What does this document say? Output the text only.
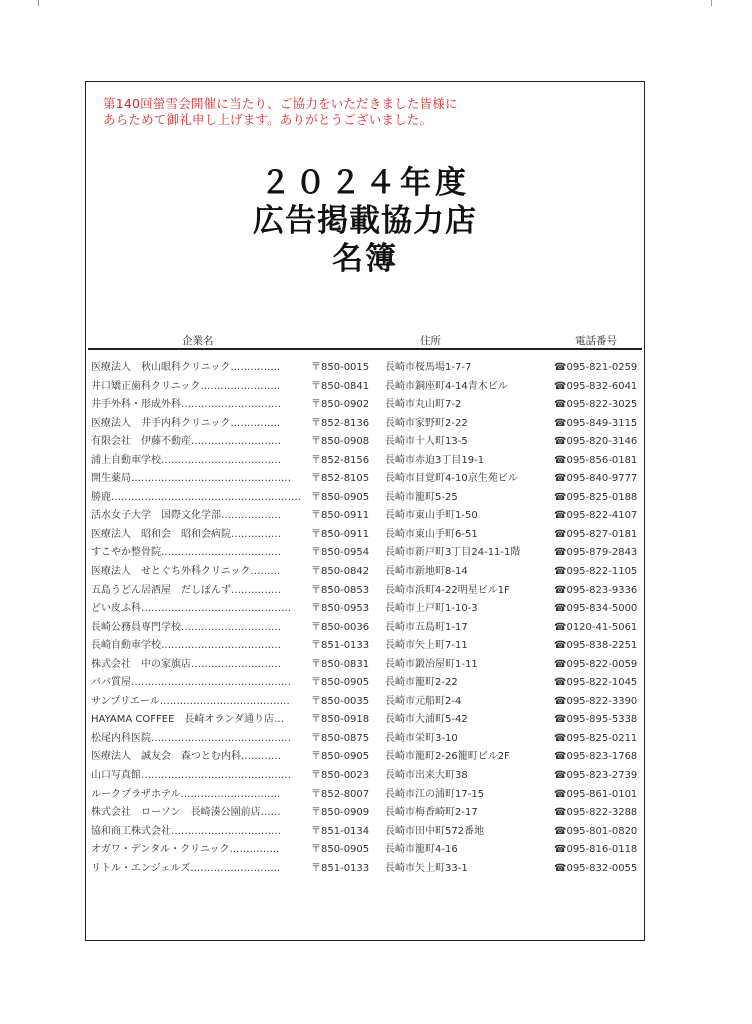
第140回螢雪会開催に当たり、ご協力をいただきました皆様に
あらためて御礼申し上げます。ありがとうございました。
２０２４年度
広告掲載協力店
名簿
企業名	住所	電話番号
医療法人　秋山眼科クリニック……………	〒850-0015 長崎市桜馬場1-7-7	☎095-821-0259
井口矯正歯科クリニック……………………	〒850-0841 長崎市銅座町4-14青木ビル	☎095-832-6041
井手外科・形成外科…………………………	〒850-0902 長崎市丸山町7-2	☎095-822-3025
医療法人　井手内科クリニック……………	〒852-8136 長崎市家野町2-22	☎095-849-3115
有限会社　伊藤不動産………………………	〒850-0908 長崎市十人町13-5	☎095-820-3146
浦上自動車学校………………………………	〒852-8156 長崎市赤迫3丁目19-1	☎095-856-0181
開生薬局…………………………………………	〒852-8105 長崎市目覚町4-10京生苑ビル	☎095-840-9777
勝鹿………………………………………………… 〒850-0905 長崎市籠町5-25	☎095-825-0188
活水女子大学　国際文化学部………………	〒850-0911 長崎市東山手町1-50	☎095-822-4107
医療法人　昭和会　昭和会病院……………	〒850-0911 長崎市東山手町6-51	☎095-827-0181
すこやか整骨院………………………………	〒850-0954 長崎市新戸町3丁目24-11-1階	☎095-879-2843
医療法人　せとぐち外科クリニック………	〒850-0842 長崎市新地町8-14	☎095-822-1105
五島うどん居酒屋　だしぽんず……………	〒850-0853 長崎市浜町4-22明星ビル1F	☎095-823-9336
どい皮ふ科………………………………………	〒850-0953 長崎市上戸町1-10-3	☎095-834-5000
長崎公務員専門学校…………………………	〒850-0036 長崎市五島町1-17	☎0120-41-5061
長崎自動車学校………………………………	〒851-0133 長崎市矢上町7-11	☎095-838-2251
株式会社　中の家旗店………………………	〒850-0831 長崎市鍛冶屋町1-11	☎095-822-0059
ババ質屋…………………………………………	〒850-0905 長崎市籠町2-22	☎095-822-1045
サンプリエール…………………………………	〒850-0035 長崎市元船町2-4	☎095-822-3390
HAYAMA COFFEE　長崎オランダ通り店…	〒850-0918 長崎市大浦町5-42	☎095-895-5338
松尾内科医院……………………………………	〒850-0875 長崎市栄町3-10	☎095-825-0211
医療法人　誠友会　森つとむ内科…………	〒850-0905 長崎市籠町2-26籠町ビル2F	☎095-823-1768
山口写真館………………………………………	〒850-0023 長崎市出来大町38	☎095-823-2739
ルークプラザホテル…………………………	〒852-8007 長崎市江の浦町17-15	☎095-861-0101
株式会社　ローソン　長崎湊公園前店……	〒850-0909 長崎市梅香崎町2-17	☎095-822-3288
協和商工株式会社……………………………	〒851-0134 長崎市田中町572番地	☎095-801-0820
オガワ・デンタル・クリニック……………	〒850-0905 長崎市籠町4-16	☎095-816-0118
リトル・エンジェルズ………………………	〒851-0133 長崎市矢上町33-1	☎095-832-0055
